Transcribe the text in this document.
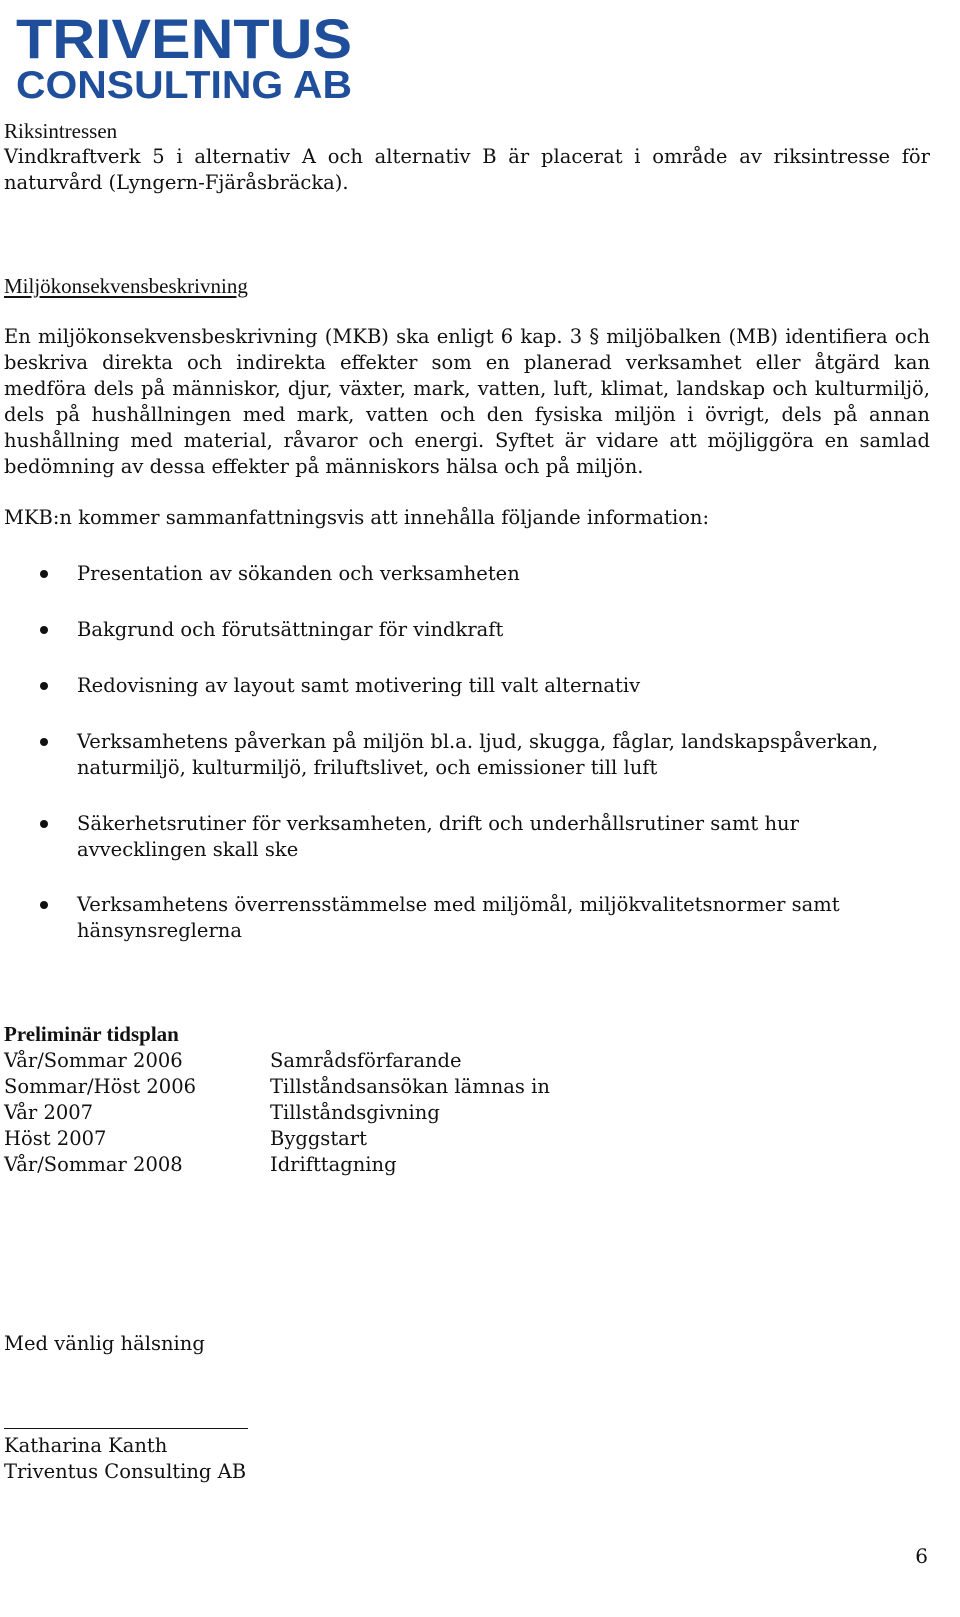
TRIVENTUS
CONSULTING AB
Riksintressen

Vindkraftverk 5 i alternativ A och alternativ B är placerat i område av riksintresse för naturvård (Lyngern-Fjäråsbräcka).

Miljökonsekvensbeskrivning

En miljökonsekvensbeskrivning (MKB) ska enligt 6 kap. 3 § miljöbalken (MB) identifiera och beskriva direkta och indirekta effekter som en planerad verksamhet eller åtgärd kan medföra dels på människor, djur, växter, mark, vatten, luft, klimat, landskap och kulturmiljö, dels på hushållningen med mark, vatten och den fysiska miljön i övrigt, dels på annan hushållning med material, råvaror och energi. Syftet är vidare att möjliggöra en samlad bedömning av dessa effekter på människors hälsa och på miljön.

MKB:n kommer sammanfattningsvis att innehålla följande information:

Presentation av sökanden och verksamheten
Bakgrund och förutsättningar för vindkraft
Redovisning av layout samt motivering till valt alternativ
Verksamhetens påverkan på miljön bl.a. ljud, skugga, fåglar, landskapspåverkan, naturmiljö, kulturmiljö, friluftslivet, och emissioner till luft
Säkerhetsrutiner för verksamheten, drift och underhållsrutiner samt hur avvecklingen skall ske
Verksamhetens överrensstämmelse med miljömål, miljökvalitetsnormer samt hänsynsreglerna
Preliminär tidsplan
Vår/Sommar 2006	Samrådsförfarande
Sommar/Höst 2006	Tillståndsansökan lämnas in
Vår 2007	Tillståndsgivning
Höst 2007	Byggstart
Vår/Sommar 2008	Idrifttagning
Med vänlig hälsning
Katharina Kanth
Triventus Consulting AB
6
